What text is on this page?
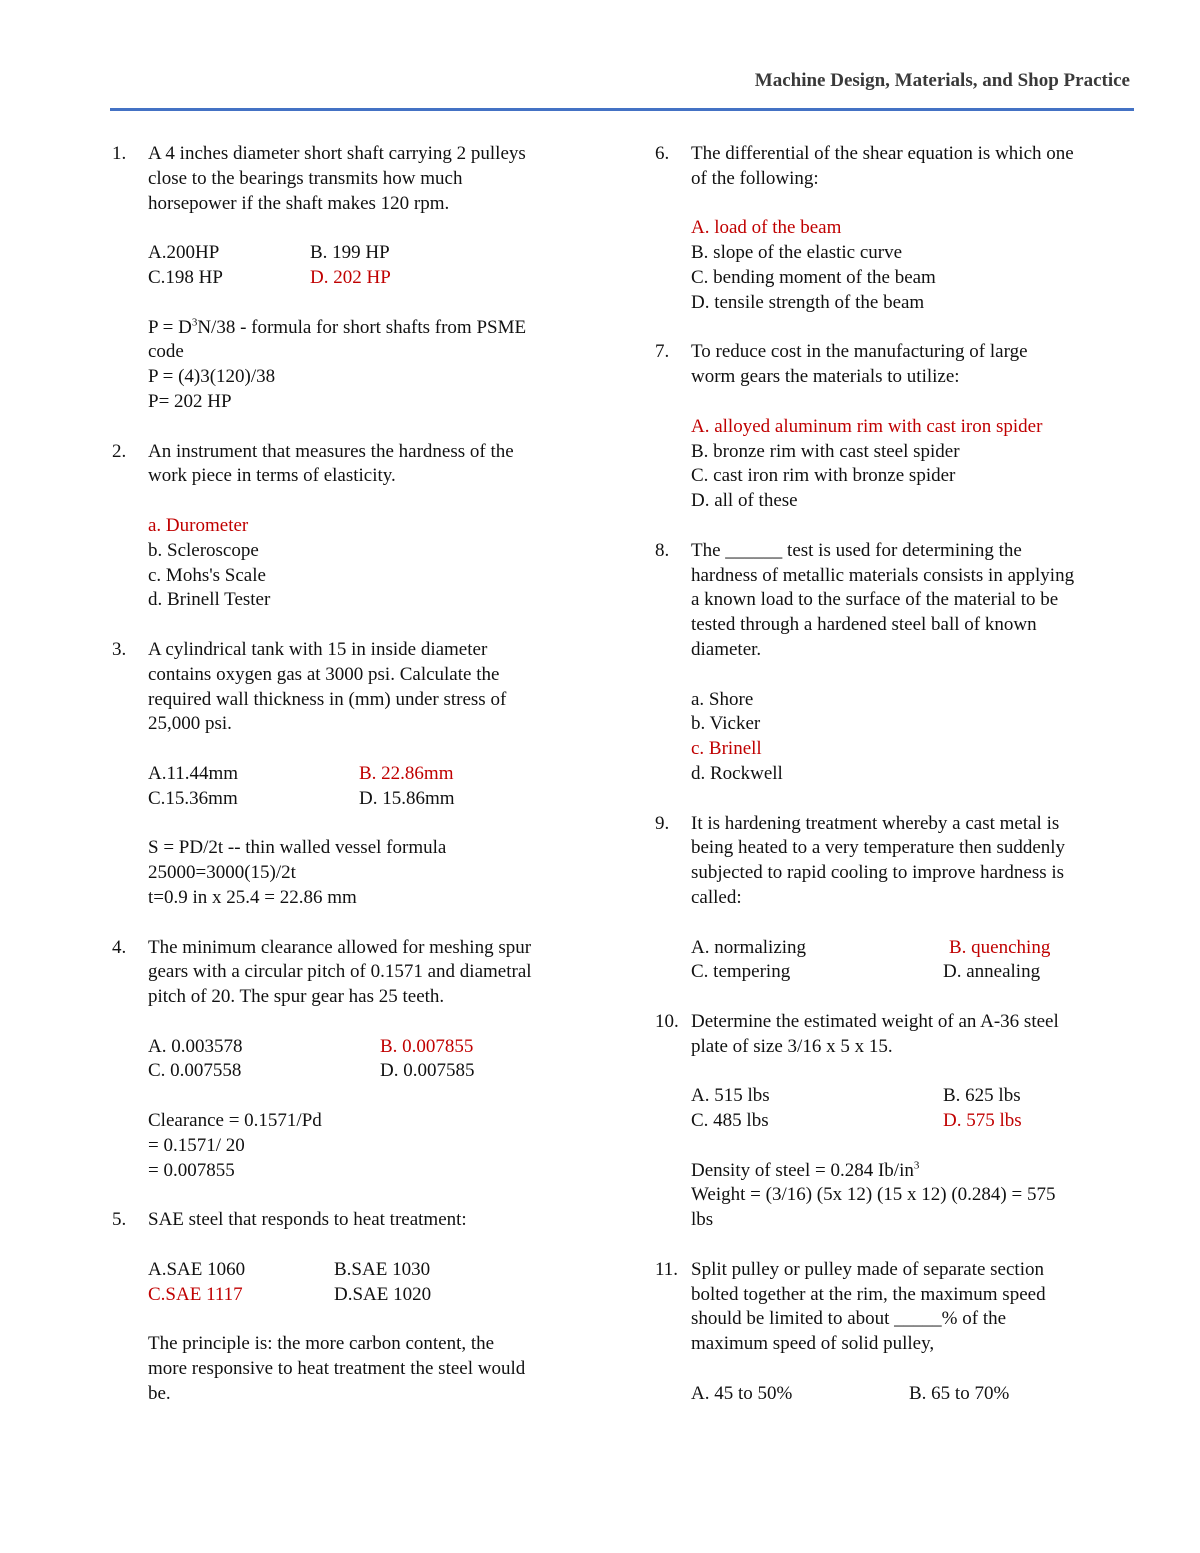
Machine Design, Materials, and Shop Practice
1. A 4 inches diameter short shaft carrying 2 pulleys
close to the bearings transmits how much
horsepower if the shaft makes 120 rpm.
A.200HP	B. 199 HP
C.198 HP	D. 202 HP
$P = D^3N/38$ - formula for short shafts from PSME
code
P = (4)3(120)/38
P= 202 HP
2. An instrument that measures the hardness of the
work piece in terms of elasticity.
a. Durometer
b. Scleroscope
c. Mohs's Scale
d. Brinell Tester
3. A cylindrical tank with 15 in inside diameter
contains oxygen gas at 3000 psi. Calculate the
required wall thickness in (mm) under stress of
25,000 psi.
A.11.44mm	B. 22.86mm
C.15.36mm	D. 15.86mm
S = PD/2t -- thin walled vessel formula
25000=3000(15)/2t
t=0.9 in x 25.4 = 22.86 mm
4. The minimum clearance allowed for meshing spur
gears with a circular pitch of 0.1571 and diametral
pitch of 20. The spur gear has 25 teeth.
A. 0.003578	B. 0.007855
C. 0.007558	D. 0.007585
Clearance = 0.1571/Pd
= 0.1571/ 20
= 0.007855
5. SAE steel that responds to heat treatment:
A.SAE 1060	B.SAE 1030
C.SAE 1117	D.SAE 1020
The principle is: the more carbon content, the
more responsive to heat treatment the steel would
be.
6. The differential of the shear equation is which one
of the following:
A. load of the beam
B. slope of the elastic curve
C. bending moment of the beam
D. tensile strength of the beam
7. To reduce cost in the manufacturing of large
worm gears the materials to utilize:
A. alloyed aluminum rim with cast iron spider
B. bronze rim with cast steel spider
C. cast iron rim with bronze spider
D. all of these
8. The ______ test is used for determining the
hardness of metallic materials consists in applying
a known load to the surface of the material to be
tested through a hardened steel ball of known
diameter.
a. Shore
b. Vicker
c. Brinell
d. Rockwell
9. It is hardening treatment whereby a cast metal is
being heated to a very temperature then suddenly
subjected to rapid cooling to improve hardness is
called:
A. normalizing	B. quenching
C. tempering	D. annealing
10. Determine the estimated weight of an A-36 steel
plate of size 3/16 x 5 x 15.
A. 515 lbs	B. 625 lbs
C. 485 lbs	D. 575 lbs
Density of steel = 0.284 $Ib/in^3$
Weight = (3/16) (5x 12) (15 x 12) (0.284) = 575
lbs
11. Split pulley or pulley made of separate section
bolted together at the rim, the maximum speed
should be limited to about _____% of the
maximum speed of solid pulley,
A. 45 to 50%	B. 65 to 70%
